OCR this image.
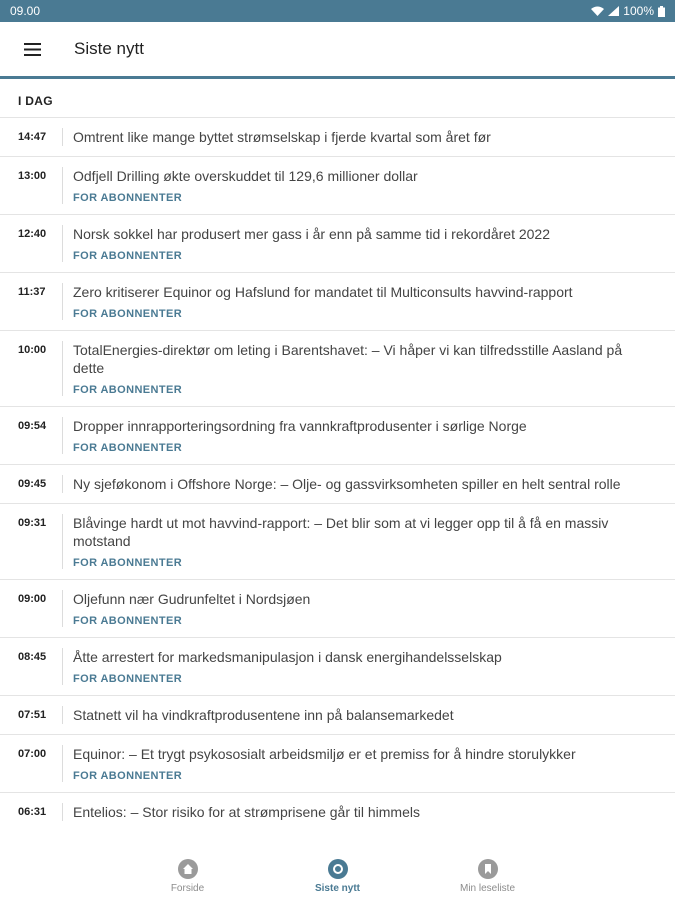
09.00	100%
Siste nytt
I DAG
14:47	Omtrent like mange byttet strømselskap i fjerde kvartal som året før
13:00	Odfjell Drilling økte overskuddet til 129,6 millioner dollar
FOR ABONNENTER
12:40	Norsk sokkel har produsert mer gass i år enn på samme tid i rekordåret 2022
FOR ABONNENTER
11:37	Zero kritiserer Equinor og Hafslund for mandatet til Multiconsults havvind-rapport
FOR ABONNENTER
10:00	TotalEnergies-direktør om leting i Barentshavet: – Vi håper vi kan tilfredsstille Aasland på dette
FOR ABONNENTER
09:54	Dropper innrapporteringsordning fra vannkraftprodusenter i sørlige Norge
FOR ABONNENTER
09:45	Ny sjeføkonom i Offshore Norge: – Olje- og gassvirksomheten spiller en helt sentral rolle
09:31	Blåvinge hardt ut mot havvind-rapport: – Det blir som at vi legger opp til å få en massiv motstand
FOR ABONNENTER
09:00	Oljefunn nær Gudrunfeltet i Nordsjøen
FOR ABONNENTER
08:45	Åtte arrestert for markedsmanipulasjon i dansk energihandelsselskap
FOR ABONNENTER
07:51	Statnett vil ha vindkraftprodusentene inn på balansemarkedet
07:00	Equinor: – Et trygt psykososialt arbeidsmiljø er et premiss for å hindre storulykker
FOR ABONNENTER
06:31	Entelios: – Stor risiko for at strømprisene går til himmels
Forside	Siste nytt	Min leseliste
